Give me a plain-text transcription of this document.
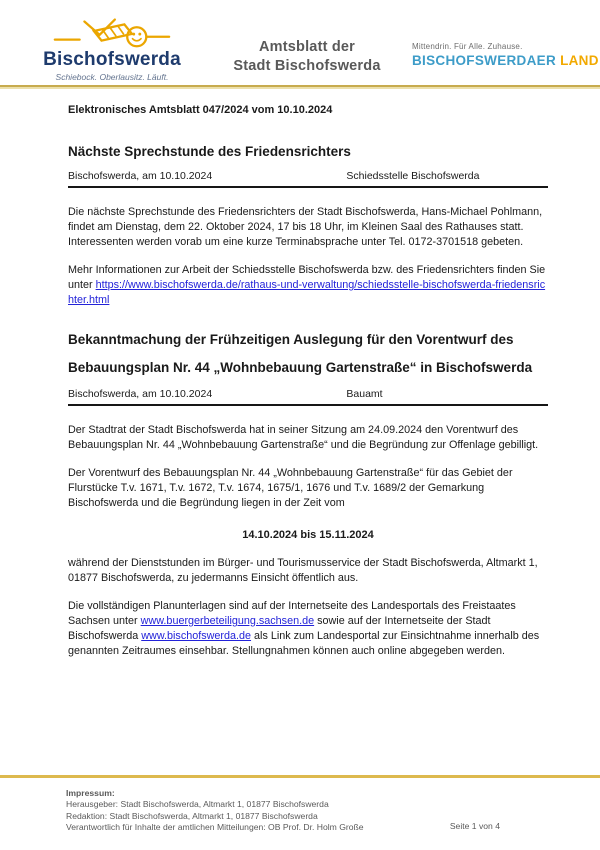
Bischofswerda
Schiebock. Oberlausitz. Läuft.
Amtsblatt der
Stadt Bischofswerda
Mittendrin. Für Alle. Zuhause.
BISCHOFSWERDAER LAND
Elektronisches Amtsblatt 047/2024 vom 10.10.2024
Nächste Sprechstunde des Friedensrichters
Bischofswerda, am 10.10.2024	Schiedsstelle Bischofswerda

Die nächste Sprechstunde des Friedensrichters der Stadt Bischofswerda, Hans-Michael Pohlmann, findet am Dienstag, dem 22. Oktober 2024, 17 bis 18 Uhr, im Kleinen Saal des Rathauses statt. Interessenten werden vorab um eine kurze Terminabsprache unter Tel. 0172-3701518 gebeten.

Mehr Informationen zur Arbeit der Schiedsstelle Bischofswerda bzw. des Friedensrichters finden Sie unter https://www.bischofswerda.de/rathaus-und-verwaltung/schiedsstelle-bischofswerda-friedensrichter.html

Bekanntmachung der Frühzeitigen Auslegung für den Vorentwurf des
Bebauungsplan Nr. 44 „Wohnbebauung Gartenstraße“ in Bischofswerda
Bischofswerda, am 10.10.2024	Bauamt

Der Stadtrat der Stadt Bischofswerda hat in seiner Sitzung am 24.09.2024 den Vorentwurf des Bebauungsplan Nr. 44 „Wohnbebauung Gartenstraße“ und die Begründung zur Offenlage gebilligt.

Der Vorentwurf des Bebauungsplan Nr. 44 „Wohnbebauung Gartenstraße“ für das Gebiet der Flurstücke T.v. 1671, T.v. 1672, T.v. 1674, 1675/1, 1676 und T.v. 1689/2 der Gemarkung Bischofswerda und die Begründung liegen in der Zeit vom

14.10.2024 bis 15.11.2024

während der Dienststunden im Bürger- und Tourismusservice der Stadt Bischofswerda, Altmarkt 1, 01877 Bischofswerda, zu jedermanns Einsicht öffentlich aus.

Die vollständigen Planunterlagen sind auf der Internetseite des Landesportals des Freistaates Sachsen unter www.buergerbeteiligung.sachsen.de sowie auf der Internetseite der Stadt Bischofswerda www.bischofswerda.de als Link zum Landesportal zur Einsichtnahme innerhalb des genannten Zeitraumes einsehbar. Stellungnahmen können auch online abgegeben werden.

Impressum:
Herausgeber: Stadt Bischofswerda, Altmarkt 1, 01877 Bischofswerda
Redaktion: Stadt Bischofswerda, Altmarkt 1, 01877 Bischofswerda
Verantwortlich für Inhalte der amtlichen Mitteilungen: OB Prof. Dr. Holm Große	Seite 1 von 4
